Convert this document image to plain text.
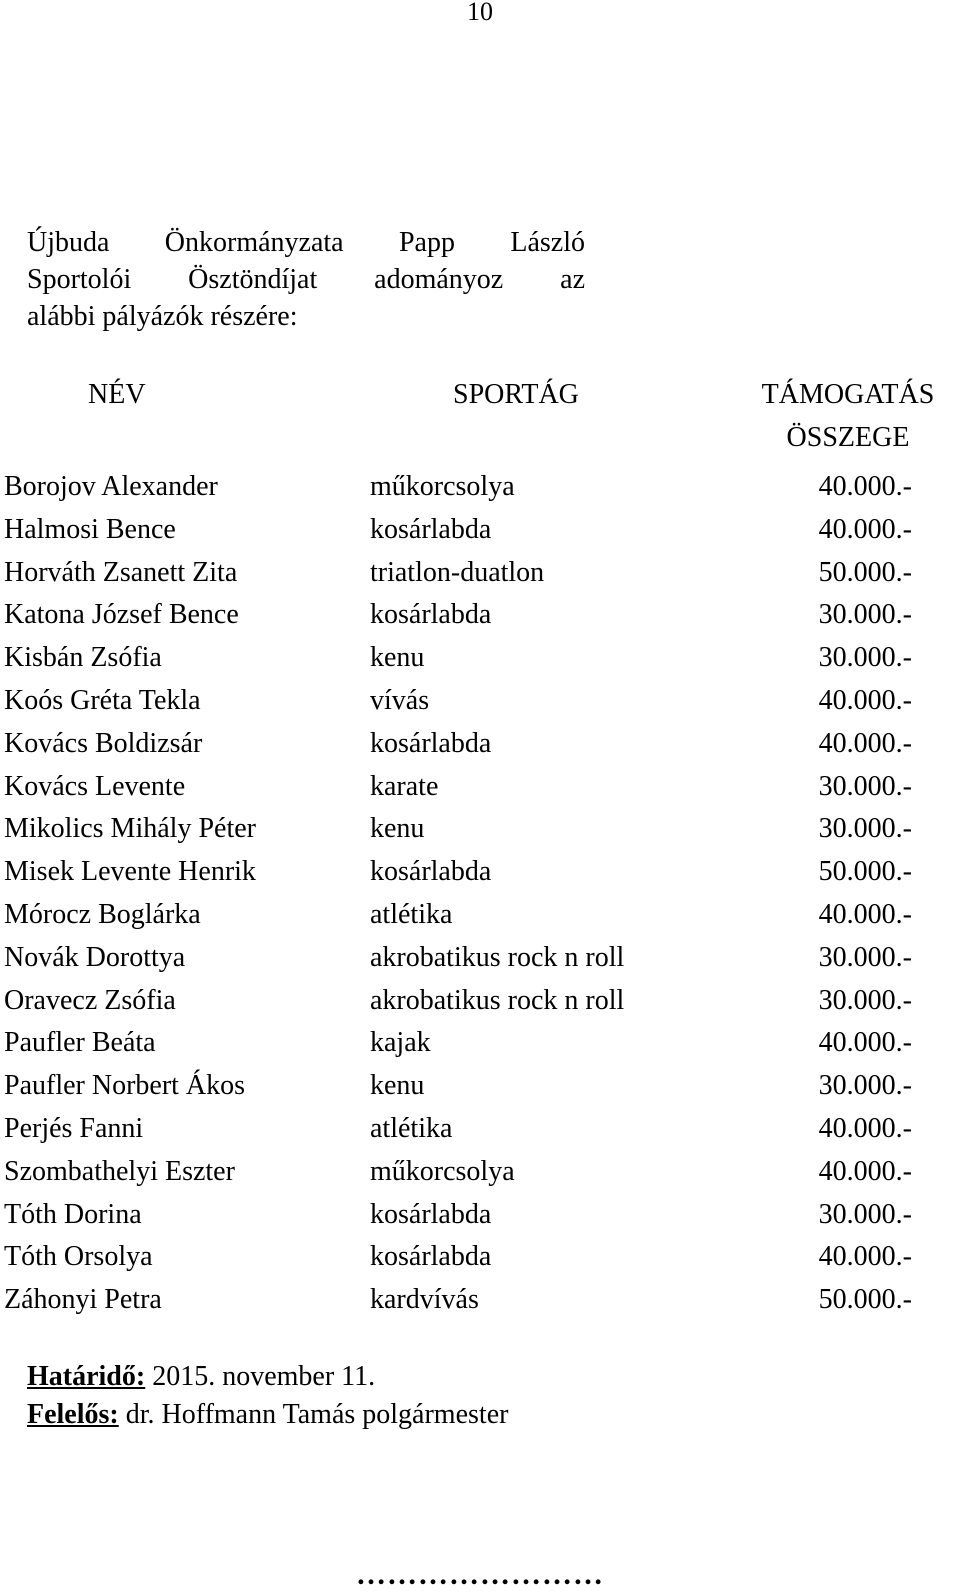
10
Újbuda Önkormányzata Papp László
Sportolói Ösztöndíjat adományoz az
alábbi pályázók részére:
NÉV	SPORTÁG	TÁMOGATÁS
ÖSSZEGE
Borojov Alexander	műkorcsolya	40.000.-
Halmosi Bence	kosárlabda	40.000.-
Horváth Zsanett Zita	triatlon-duatlon	50.000.-
Katona József Bence	kosárlabda	30.000.-
Kisbán Zsófia	kenu	30.000.-
Koós Gréta Tekla	vívás	40.000.-
Kovács Boldizsár	kosárlabda	40.000.-
Kovács Levente	karate	30.000.-
Mikolics Mihály Péter	kenu	30.000.-
Misek Levente Henrik	kosárlabda	50.000.-
Mórocz Boglárka	atlétika	40.000.-
Novák Dorottya	akrobatikus rock n roll	30.000.-
Oravecz Zsófia	akrobatikus rock n roll	30.000.-
Paufler Beáta	kajak	40.000.-
Paufler Norbert Ákos	kenu	30.000.-
Perjés Fanni	atlétika	40.000.-
Szombathelyi Eszter	műkorcsolya	40.000.-
Tóth Dorina	kosárlabda	30.000.-
Tóth Orsolya	kosárlabda	40.000.-
Záhonyi Petra	kardvívás	50.000.-
Határidő: 2015. november 11.
Felelős: dr. Hoffmann Tamás polgármester
……………………
